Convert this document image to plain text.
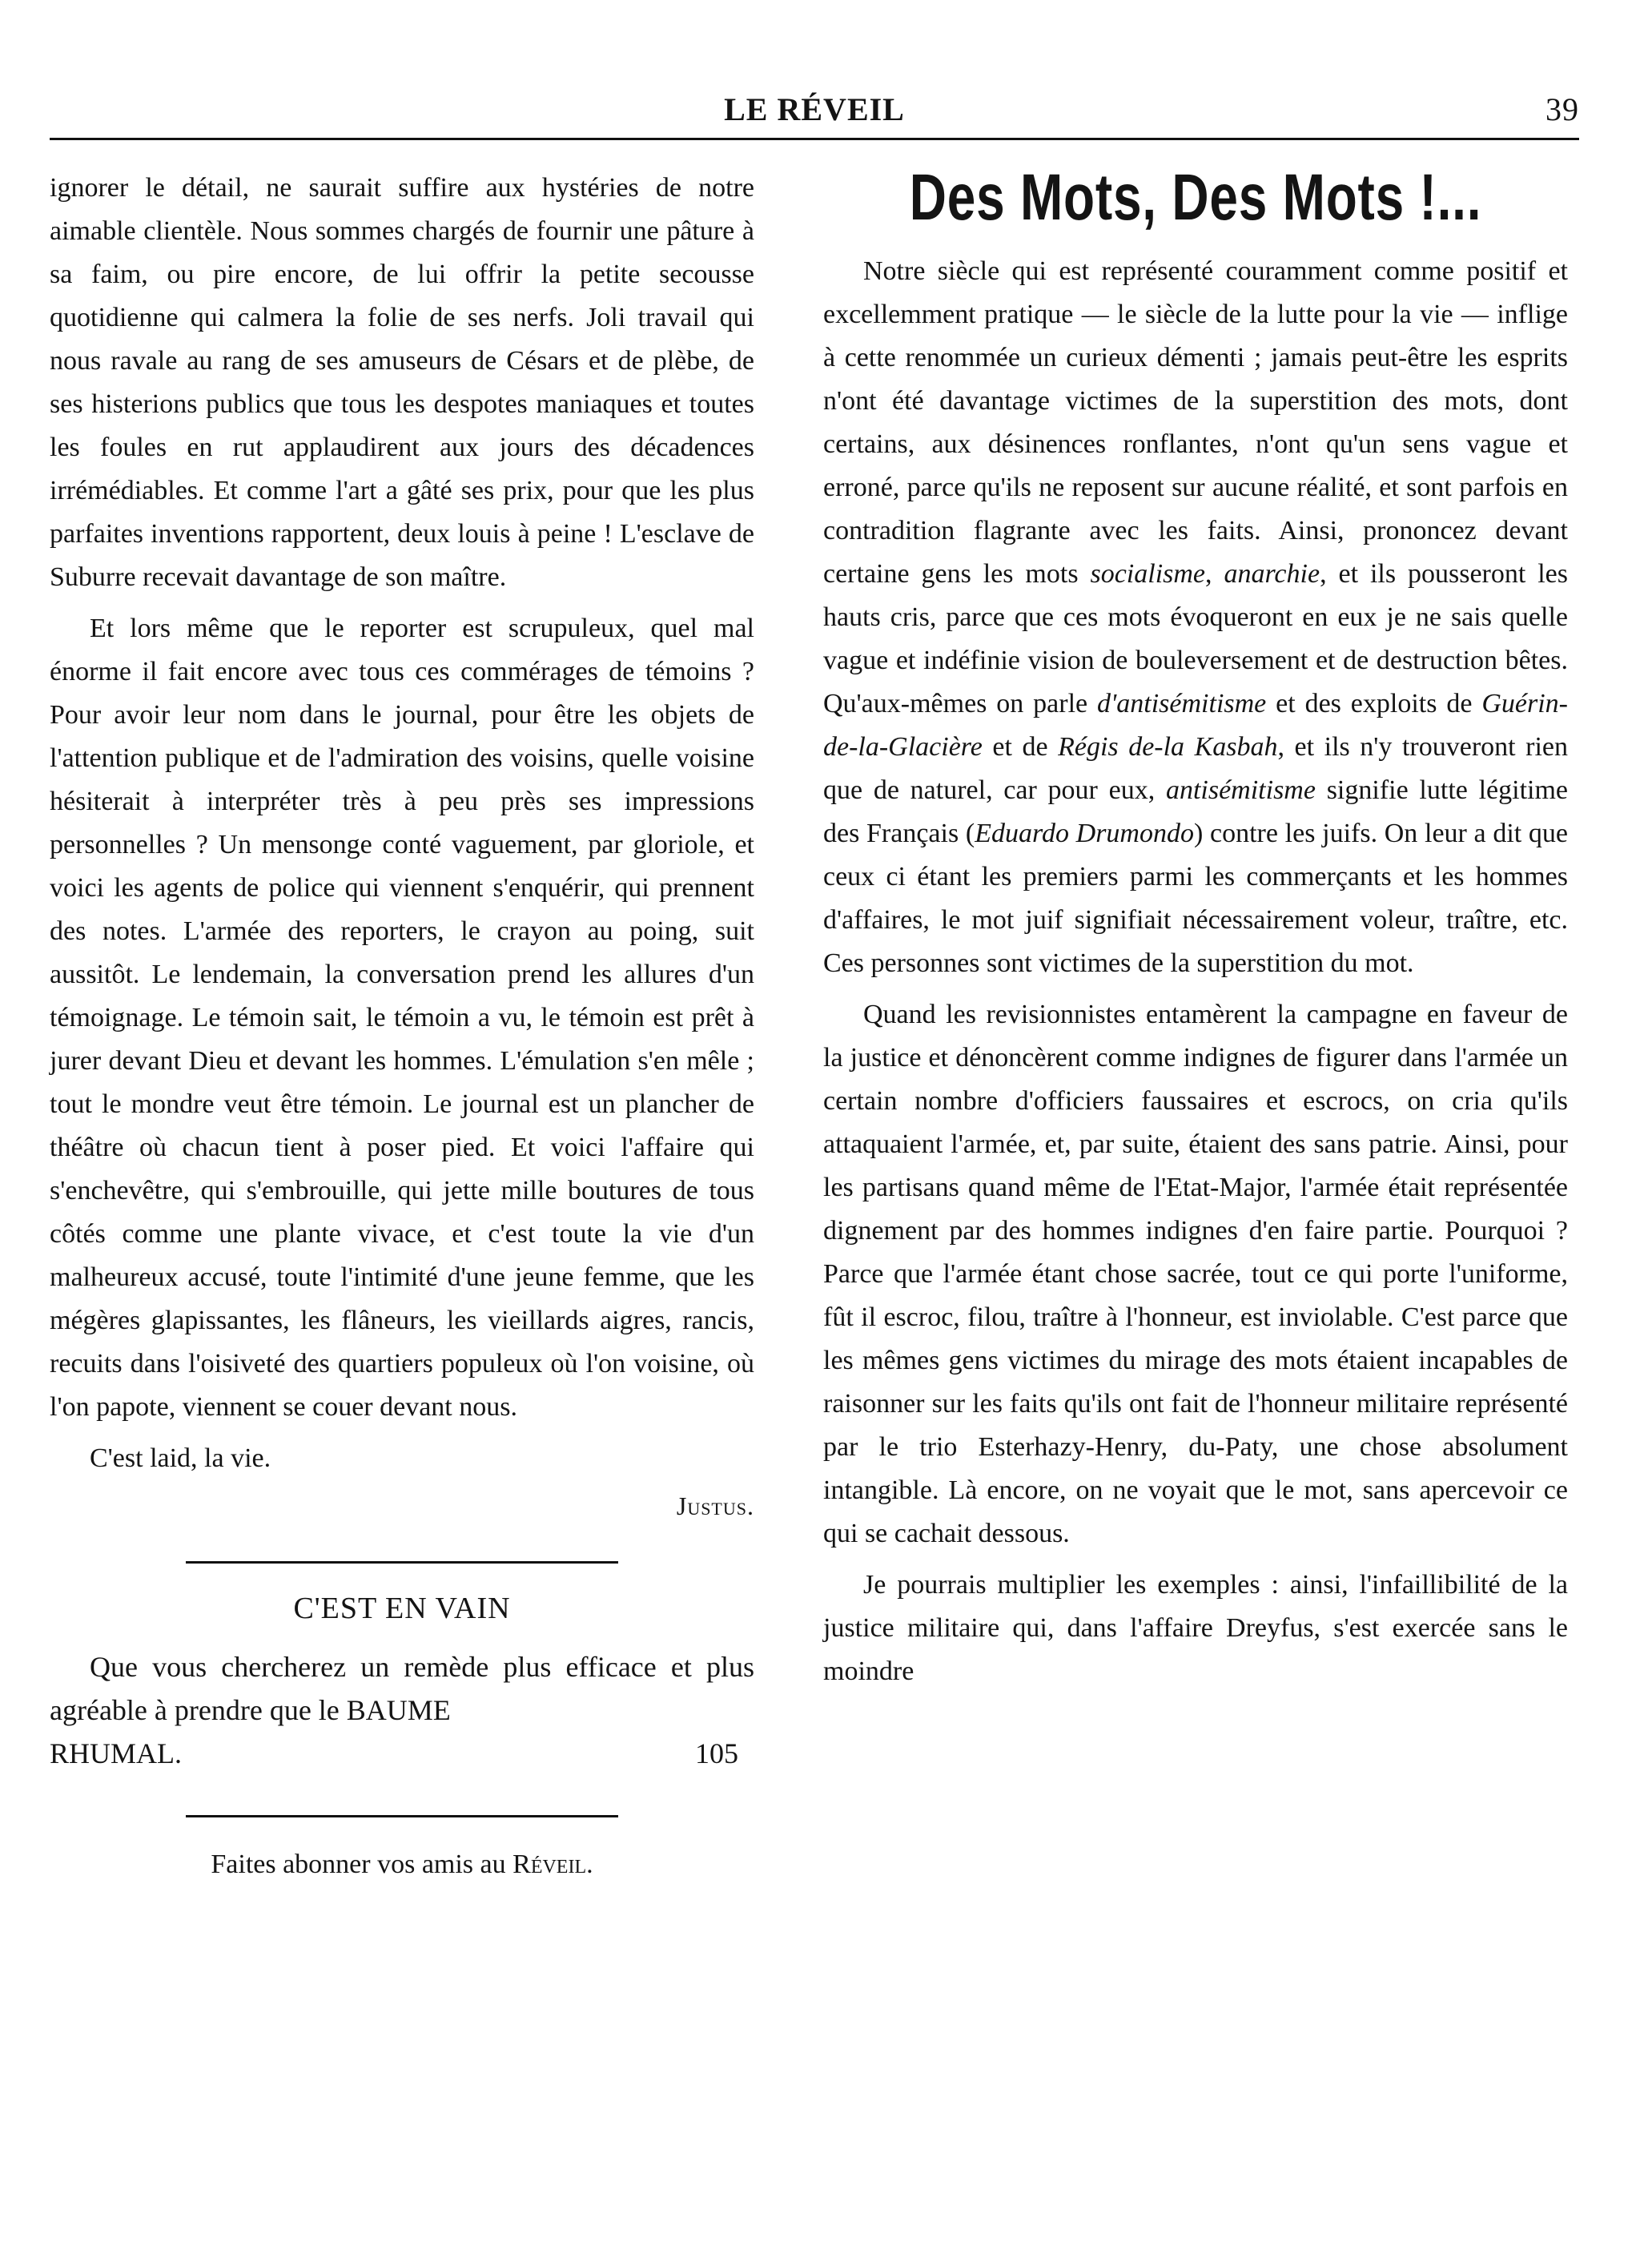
LE RÉVEIL	39

ignorer le détail, ne saurait suffire aux hystéries de notre aimable clientèle. Nous sommes chargés de fournir une pâture à sa faim, ou pire encore, de lui offrir la petite secousse quotidienne qui calmera la folie de ses nerfs. Joli travail qui nous ravale au rang de ses amuseurs de Césars et de plèbe, de ses histerions publics que tous les despotes maniaques et toutes les foules en rut applaudirent aux jours des décadences irrémédiables. Et comme l'art a gâté ses prix, pour que les plus parfaites inventions rapportent, deux louis à peine ! L'esclave de Suburre recevait davantage de son maître.

Et lors même que le reporter est scrupuleux, quel mal énorme il fait encore avec tous ces commérages de témoins ? Pour avoir leur nom dans le journal, pour être les objets de l'attention publique et de l'admiration des voisins, quelle voisine hésiterait à interpréter très à peu près ses impressions personnelles ? Un mensonge conté vaguement, par gloriole, et voici les agents de police qui viennent s'enquérir, qui prennent des notes. L'armée des reporters, le crayon au poing, suit aussitôt. Le lendemain, la conversation prend les allures d'un témoignage. Le témoin sait, le témoin a vu, le témoin est prêt à jurer devant Dieu et devant les hommes. L'émulation s'en mêle ; tout le mondre veut être témoin. Le journal est un plancher de théâtre où chacun tient à poser pied. Et voici l'affaire qui s'enchevêtre, qui s'embrouille, qui jette mille boutures de tous côtés comme une plante vivace, et c'est toute la vie d'un malheureux accusé, toute l'intimité d'une jeune femme, que les mégères glapissantes, les flâneurs, les vieillards aigres, rancis, recuits dans l'oisiveté des quartiers populeux où l'on voisine, où l'on papote, viennent se couer devant nous.

C'est laid, la vie.

Justus.
C'EST EN VAIN

Que vous chercherez un remède plus efficace et plus agréable à prendre que le BAUME

RHUMAL.	105
Faites abonner vos amis au Réveil.
Des Mots, Des Mots !...

Notre siècle qui est représenté couramment comme positif et excellemment pratique — le siècle de la lutte pour la vie — inflige à cette renommée un curieux démenti ; jamais peut-être les esprits n'ont été davantage victimes de la superstition des mots, dont certains, aux désinences ronflantes, n'ont qu'un sens vague et erroné, parce qu'ils ne reposent sur aucune réalité, et sont parfois en contradition flagrante avec les faits. Ainsi, prononcez devant certaine gens les mots socialisme, anarchie, et ils pousseront les hauts cris, parce que ces mots évoqueront en eux je ne sais quelle vague et indéfinie vision de bouleversement et de destruction bêtes. Qu'aux-mêmes on parle d'antisémitisme et des exploits de Guérin-de-la-Glacière et de Régis de-la Kasbah, et ils n'y trouveront rien que de naturel, car pour eux, antisémitisme signifie lutte légitime des Français (Eduardo Drumondo) contre les juifs. On leur a dit que ceux ci étant les premiers parmi les commerçants et les hommes d'affaires, le mot juif signifiait nécessairement voleur, traître, etc. Ces personnes sont victimes de la superstition du mot.

Quand les revisionnistes entamèrent la campagne en faveur de la justice et dénoncèrent comme indignes de figurer dans l'armée un certain nombre d'officiers faussaires et escrocs, on cria qu'ils attaquaient l'armée, et, par suite, étaient des sans patrie. Ainsi, pour les partisans quand même de l'Etat-Major, l'armée était représentée dignement par des hommes indignes d'en faire partie. Pourquoi ? Parce que l'armée étant chose sacrée, tout ce qui porte l'uniforme, fût il escroc, filou, traître à l'honneur, est inviolable. C'est parce que les mêmes gens victimes du mirage des mots étaient incapables de raisonner sur les faits qu'ils ont fait de l'honneur militaire représenté par le trio Esterhazy-Henry, du-Paty, une chose absolument intangible. Là encore, on ne voyait que le mot, sans apercevoir ce qui se cachait dessous.

Je pourrais multiplier les exemples : ainsi, l'infaillibilité de la justice militaire qui, dans l'affaire Dreyfus, s'est exercée sans le moindre
